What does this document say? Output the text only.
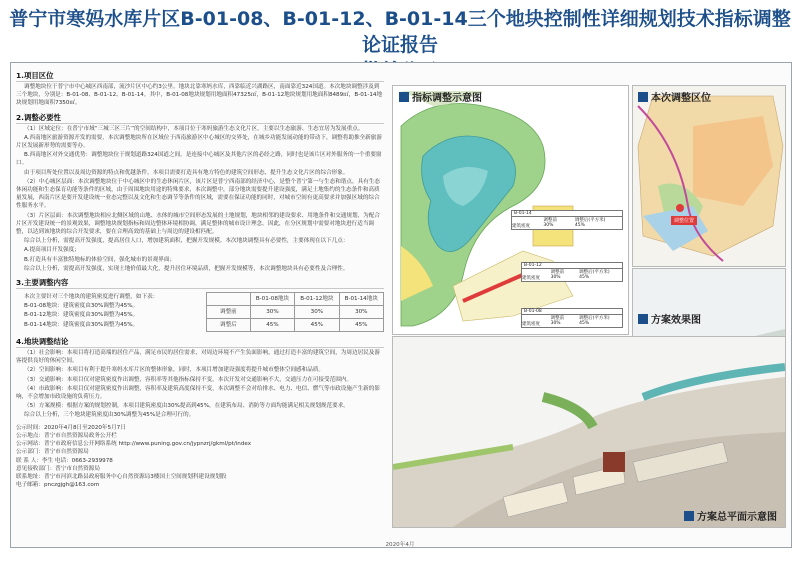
普宁市寒妈水库片区B-01-08、B-01-12、B-01-14三个地块控制性详细规划技术指标调整论证报告
1.项目区位
调整地块位于普宁市中心城区西南部，流沙片区中心约3公里。地块北靠寒妈水库，西靠临近兴湖路区，南面靠近324国道。本次地块调整涉及到三个地块，分别是：B-01-08、B-01-12、B-01-14。其中，B-01-08地块规划用地面积47325㎡，B-01-12地块规划用地面积8489㎡，B-01-14地块规划用地面积7350㎡。
2.调整必要性
（1）区域定位：在普宁市域“三城三区三片”的空间结构中，本项目位于寒妈旅游生态文化片区，主要以生态旅游、生态宜居为发展重点。
A.西南地区旅游资源开发的需要，本次调整地块所在区域位于西南旅游区中心城区的交界处，在城乡功能发展动能的带动下，调整将助推全新旅游片区发展新形势的需要等办。
B.西南地区对外交通优势：调整地块位于规划道路324国道之间，是连接中心城区及其他片区的必经之路，同时也是该片区对外服务的一个重要窗口。
由于项目所处位置以及周边资源的特点和优越条件，本项目需要打造具有地方特色的建筑空间形态，提升生态文化片区的综合形象。
（2）中心城区层面：本次调整地块位于中心城区中的生态休闲片区，该片区是普宁西南部的经济中心，是整个普宁第一与生态和谐点，具有生态休闲功能和生态保育功能等条件的区域，由于周围地块用途的特殊要求，本次调整中，部分地块需要提升建设强度，满足土地集约的生态条件和高质量发展，西南片区是要开发建设统一业态完整以及文化和生态调节等条件的区域，需要在保证功能的同时，对城市空间有更高要求并加强区域的综合性服务水平。
（3）片区层面：本次调整地块相应北侧区域的山地、水体的城市空间形态发展的土地规划，地块相邻的建设要求、用地条件和交通规划，为配合片区开发建设统一的景观效果，调整地块规划指标和周边整体环境相协调，满足整体的城市设计理念。因此，在分区规划中需要对地块进行适当调整，以达到该地块的综合开发要求，要在合理高效的基础上与周边的建设相匹配。
综合以上分析，需提高开发强度，提高居住人口，增加建筑面积，把握开发规模。本次地块调整具有必要性，主要体现在以下几点：
A.提高项目开发强度；
B.打造具有丰富独特地标的体验空间，强化城市的景观界面；
综合以上分析，需提高开发强度，实现土地价值最大化，提升居住环境品质，把握开发规模等，本次调整地块具有必要性及合理性。
3.主要调整内容
本次主要针对三个地块的建筑密度进行调整，如下表：
B-01-08地块：建筑密度由30%调整为45%。
B-01-12地块：建筑密度由30%调整为45%。
B-01-14地块：建筑密度由30%调整为45%。
	B-01-08地块	B-01-12地块	B-01-14地块
调整前	30%	30%	30%
调整后	45%	45%	45%
4.地块调整结论
（1）社会影响：本项目将打造高端的居住产品，满足市民的居住需求，对周边环境不产生负面影响，通过打造丰富的建筑空间，为周边居民及游客提供良好的休闲空间。
（2）空间影响：本项目有利于提升寒妈水库片区的整体形象，同时，本项目增加建设强度将提升城市整体空间感和品质。
（3）交通影响：本项目仅对建筑密度作出调整，容积率等其他指标保持不变，本次开发对交通影响不大，交通压力在可接受范围内。
（4）市政影响：本项目仅对建筑密度作出调整，容积率及建筑高度保持不变，本次调整不会对给排水、电力、电信、燃气等市政设施产生新的影响，不会增加市政设施的负荷压力。
（5）方案规模：根据方案的规划控制，本项目建筑密度由30%提高到45%，在建筑布局、消防等方面均能满足相关规划规范要求。
综合以上分析，三个地块建筑密度由30%调整为45%是合理可行的。

公示时间：2020年4月8日至2020年5月7日

公示地点：普宁市自然资源局政务公开栏

公示网站：普宁市政府信息公开网络系统 http://www.puning.gov.cn/jypnzrj/gkml/pt/index

公示部门：普宁市自然资源局

联 系 人：李生 电话：0663-2939978

意见接收部门：普宁市自然资源局

联系地址：普宁市河滨北路县政府服务中心自然资源局3楼国土空间规划科建设规划股

电子邮箱：pnczgjgh@163.com

指标调整示意图
B-01-14
调整前	调整后(平方米)
建筑密度	30%	45%
B-01-12
调整前	调整后(平方米)
建筑密度	30%	45%
B-01-08
调整前	调整后(平方米)
建筑密度	30%	45%
本次调整区位
调整位置
方案效果图
方案总平面示意图
2020年4月
